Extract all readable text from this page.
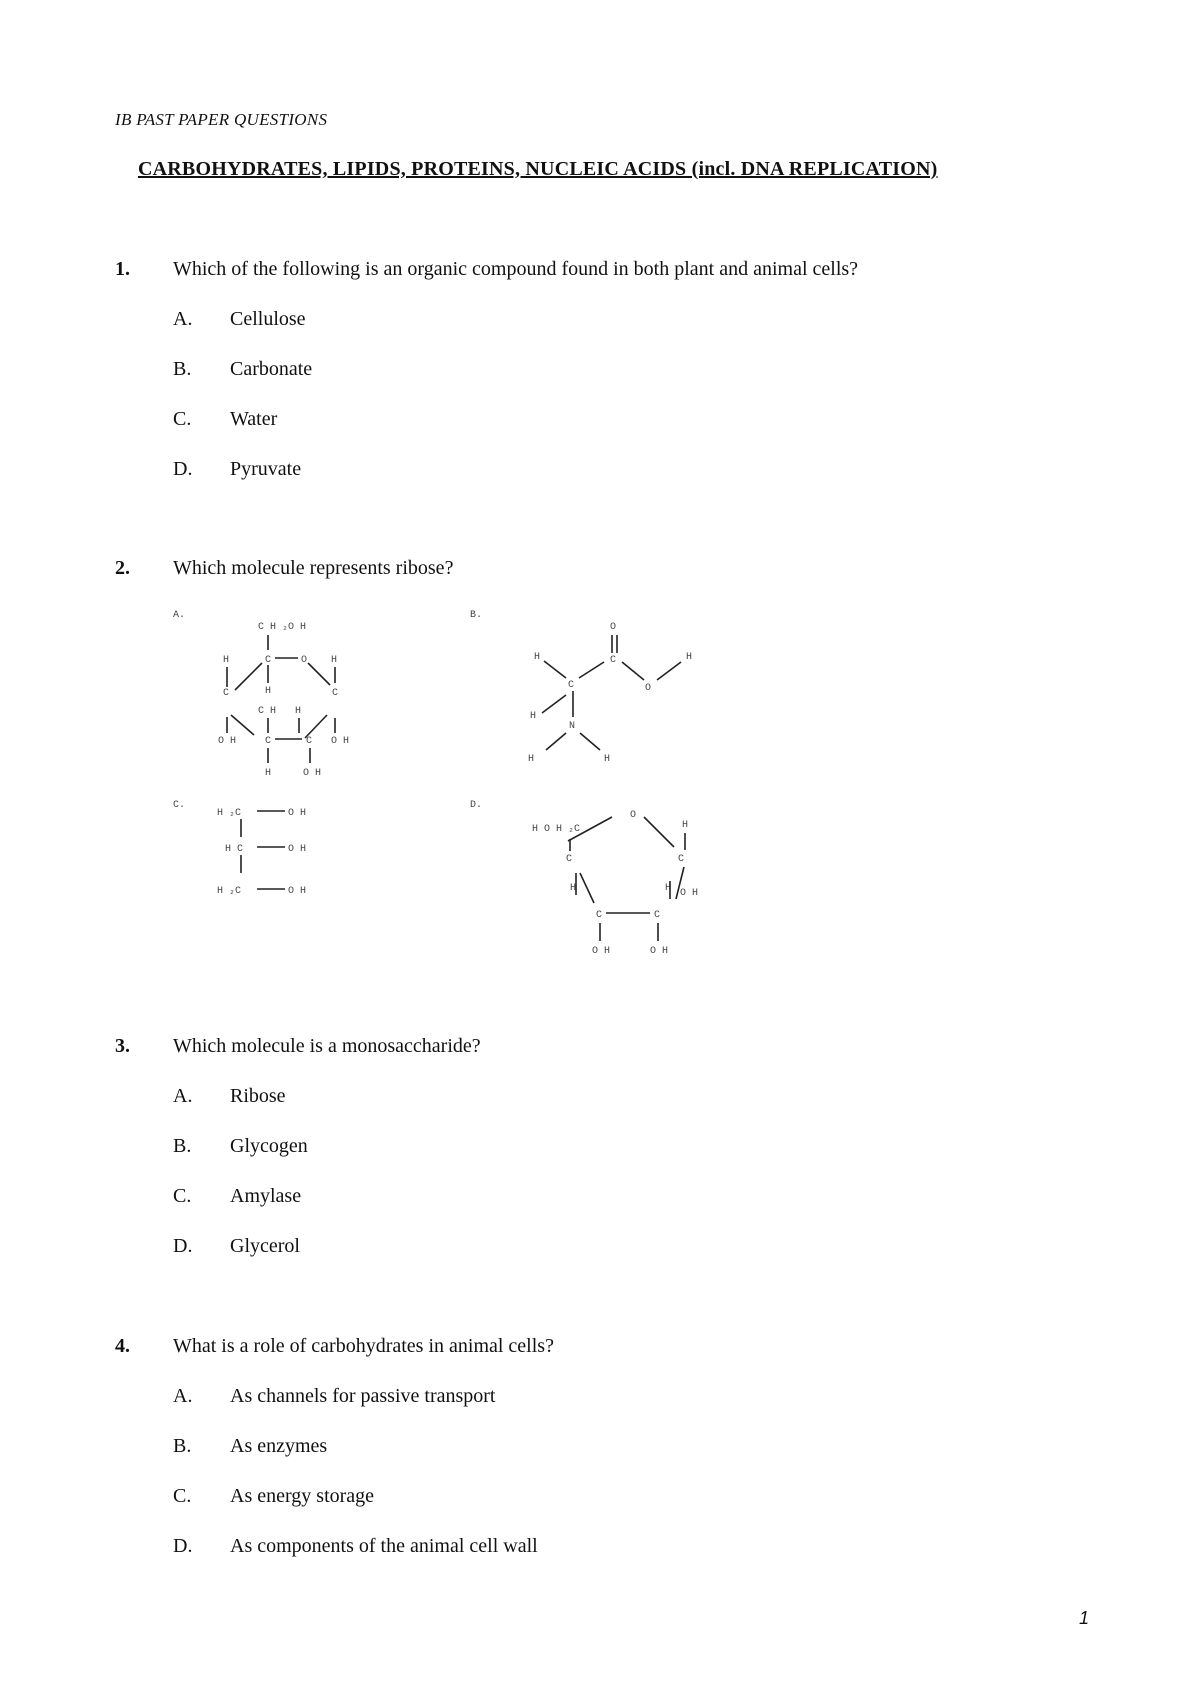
IB PAST PAPER QUESTIONS
CARBOHYDRATES, LIPIDS, PROTEINS, NUCLEIC ACIDS (incl. DNA REPLICATION)
1. Which of the following is an organic compound found in both plant and animal cells?
A. Cellulose
B. Carbonate
C. Water
D. Pyruvate
2. Which molecule represents ribose?
A.
C H ₂O H
H	C	O H
C	H	C
C H H
O H	C	C O H
H	O H
B.
O
H	C	H
C	O
H
N
H	H
C.
H ₂C	O H
H C	O H
H ₂C	O H
D.
H O H ₂C
O
H
C	C
H	H O H
C	C
O H	O H
3. Which molecule is a monosaccharide?
A. Ribose
B. Glycogen
C. Amylase
D. Glycerol
4. What is a role of carbohydrates in animal cells?
A. As channels for passive transport
B. As enzymes
C. As energy storage
D. As components of the animal cell wall
1
